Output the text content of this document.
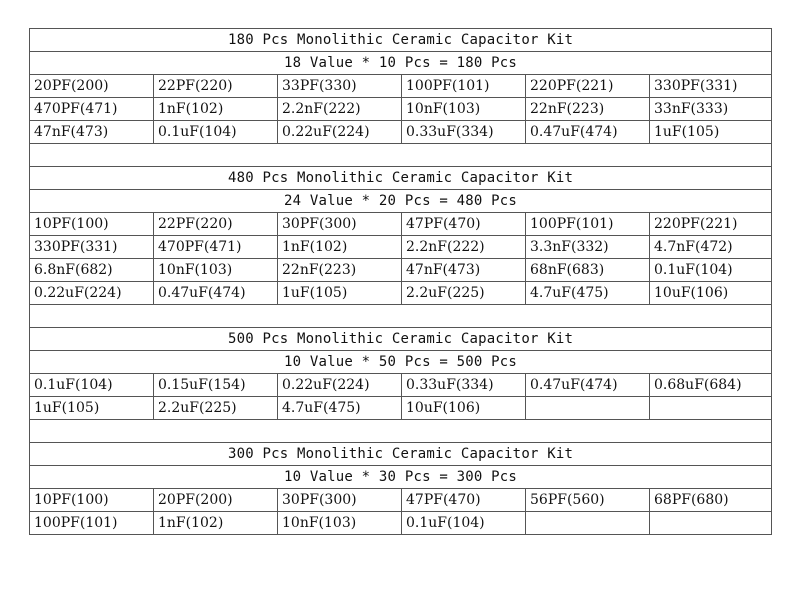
180 Pcs Monolithic Ceramic Capacitor Kit					
18 Value * 10 Pcs = 180 Pcs					
20PF(200)	22PF(220)	33PF(330)	100PF(101)	220PF(221)	330PF(331)
470PF(471)	1nF(102)	2.2nF(222)	10nF(103)	22nF(223)	33nF(333)
47nF(473)	0.1uF(104)	0.22uF(224)	0.33uF(334)	0.47uF(474)	1uF(105)

480 Pcs Monolithic Ceramic Capacitor Kit					
24 Value * 20 Pcs = 480 Pcs					
10PF(100)	22PF(220)	30PF(300)	47PF(470)	100PF(101)	220PF(221)
330PF(331)	470PF(471)	1nF(102)	2.2nF(222)	3.3nF(332)	4.7nF(472)
6.8nF(682)	10nF(103)	22nF(223)	47nF(473)	68nF(683)	0.1uF(104)
0.22uF(224)	0.47uF(474)	1uF(105)	2.2uF(225)	4.7uF(475)	10uF(106)

500 Pcs Monolithic Ceramic Capacitor Kit					
10 Value * 50 Pcs = 500 Pcs					
0.1uF(104)	0.15uF(154)	0.22uF(224)	0.33uF(334)	0.47uF(474)	0.68uF(684)
1uF(105)	2.2uF(225)	4.7uF(475)	10uF(106)		

300 Pcs Monolithic Ceramic Capacitor Kit					
10 Value * 30 Pcs = 300 Pcs					
10PF(100)	20PF(200)	30PF(300)	47PF(470)	56PF(560)	68PF(680)
100PF(101)	1nF(102)	10nF(103)	0.1uF(104)		
